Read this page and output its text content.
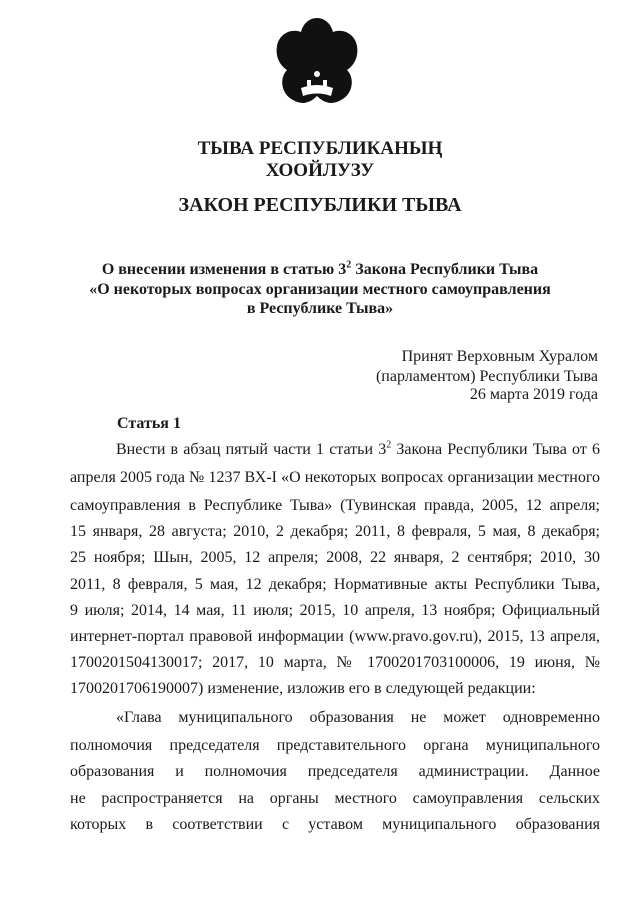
ТЫВА РЕСПУБЛИКАНЫҢ
ХООЙЛУЗУ
ЗАКОН РЕСПУБЛИКИ ТЫВА
О внесении изменения в статью $3^2$ Закона Республики Тыва
«О некоторых вопросах организации местного самоуправления
в Республике Тыва»
Принят Верховным Хуралом
(парламентом) Республики Тыва
26 марта 2019 года
Статья 1
Внести в абзац пятый части 1 статьи $3^2$ Закона Республики Тыва от 6
апреля 2005 года № 1237 ВХ-I «О некоторых вопросах организации местного
самоуправления в Республике Тыва» (Тувинская правда, 2005, 12 апреля;
15 января, 28 августа; 2010, 2 декабря; 2011, 8 февраля, 5 мая, 8 декабря;
25 ноября; Шын, 2005, 12 апреля; 2008, 22 января, 2 сентября; 2010, 30
2011, 8 февраля, 5 мая, 12 декабря; Нормативные акты Республики Тыва,
9 июля; 2014, 14 мая, 11 июля; 2015, 10 апреля, 13 ноября; Официальный
интернет-портал правовой информации (www.pravo.gov.ru), 2015, 13 апреля,
1700201504130017; 2017, 10 марта, № 1700201703100006, 19 июня, №
1700201706190007) изменение, изложив его в следующей редакции:
«Глава муниципального образования не может одновременно
полномочия председателя представительного органа муниципального
образования и полномочия председателя администрации. Данное
не распространяется на органы местного самоуправления сельских
которых в соответствии с уставом муниципального образования
